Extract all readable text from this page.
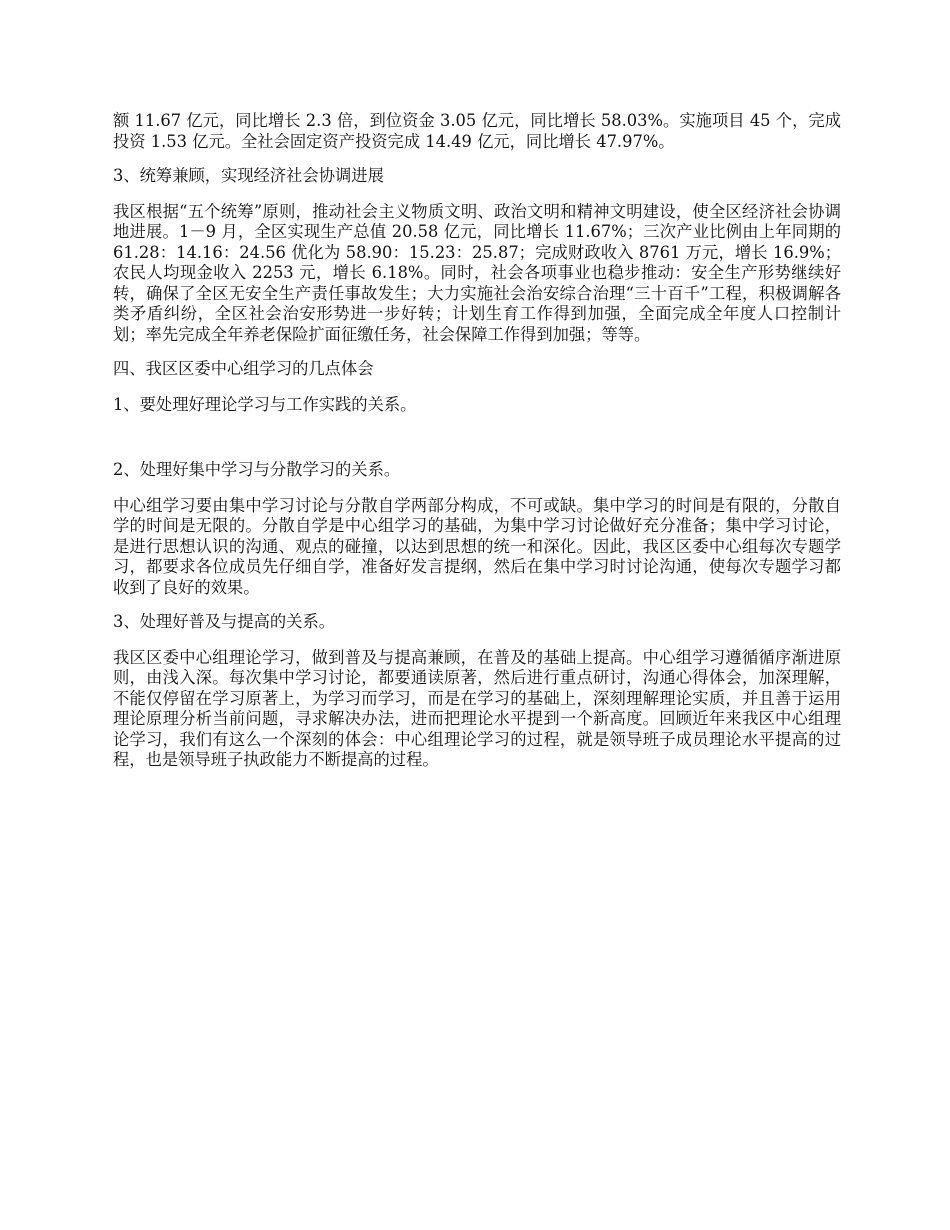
额 11.67 亿元，同比增长 2.3 倍，到位资金 3.05 亿元，同比增长 58.03%。实施项目 45 个，完成投资 1.53 亿元。全社会固定资产投资完成 14.49 亿元，同比增长 47.97%。

3、统筹兼顾，实现经济社会协调进展

我区根据“五个统筹”原则，推动社会主义物质文明、政治文明和精神文明建设，使全区经济社会协调地进展。1－9 月，全区实现生产总值 20.58 亿元，同比增长 11.67%；三次产业比例由上年同期的 61.28：14.16：24.56 优化为 58.90：15.23：25.87；完成财政收入 8761 万元，增长 16.9%；农民人均现金收入 2253 元，增长 6.18%。同时，社会各项事业也稳步推动：安全生产形势继续好转，确保了全区无安全生产责任事故发生；大力实施社会治安综合治理“三十百千”工程，积极调解各类矛盾纠纷，全区社会治安形势进一步好转；计划生育工作得到加强，全面完成全年度人口控制计划；率先完成全年养老保险扩面征缴任务，社会保障工作得到加强；等等。

四、我区区委中心组学习的几点体会

1、要处理好理论学习与工作实践的关系。

2、处理好集中学习与分散学习的关系。

中心组学习要由集中学习讨论与分散自学两部分构成，不可或缺。集中学习的时间是有限的，分散自学的时间是无限的。分散自学是中心组学习的基础，为集中学习讨论做好充分准备；集中学习讨论，是进行思想认识的沟通、观点的碰撞，以达到思想的统一和深化。因此，我区区委中心组每次专题学习，都要求各位成员先仔细自学，准备好发言提纲，然后在集中学习时讨论沟通，使每次专题学习都收到了良好的效果。

3、处理好普及与提高的关系。

我区区委中心组理论学习，做到普及与提高兼顾，在普及的基础上提高。中心组学习遵循循序渐进原则，由浅入深。每次集中学习讨论，都要通读原著，然后进行重点研讨，沟通心得体会，加深理解，不能仅停留在学习原著上，为学习而学习，而是在学习的基础上，深刻理解理论实质，并且善于运用理论原理分析当前问题，寻求解决办法，进而把理论水平提到一个新高度。回顾近年来我区中心组理论学习，我们有这么一个深刻的体会：中心组理论学习的过程，就是领导班子成员理论水平提高的过程，也是领导班子执政能力不断提高的过程。
